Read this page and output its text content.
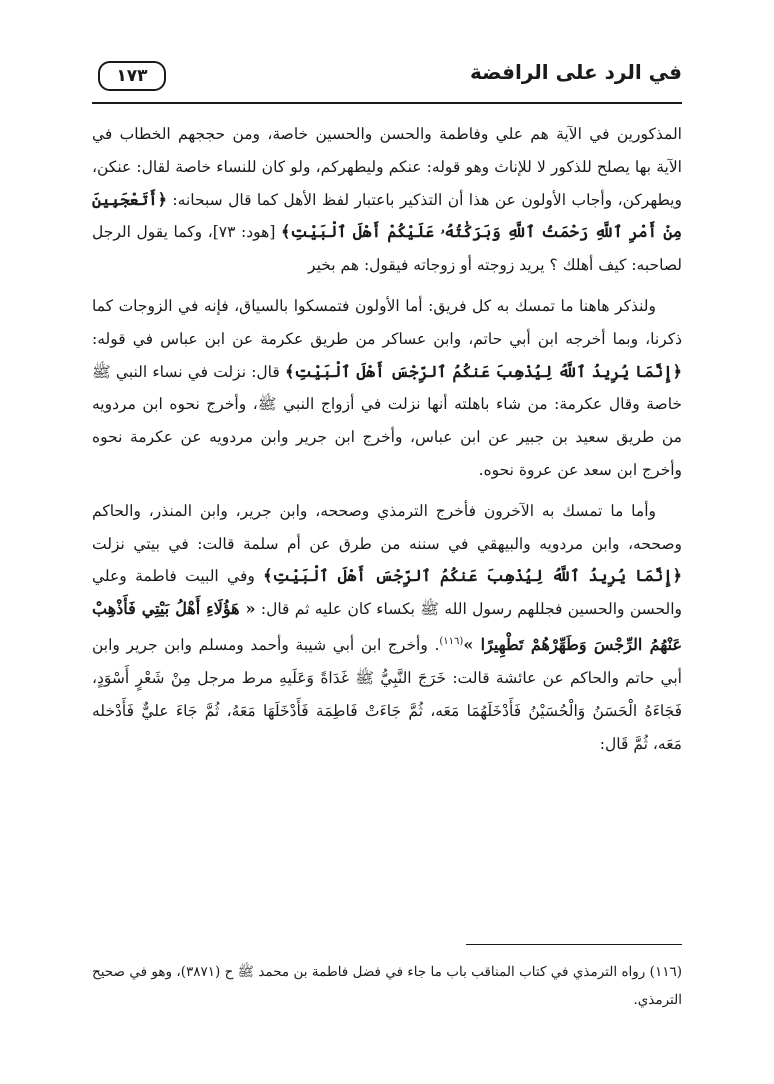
في الرد على الرافضة
١٧٣

المذكورين في الآية هم علي وفاطمة والحسن والحسين خاصة، ومن حججهم الخطاب في الآية بها يصلح للذكور لا للإناث وهو قوله: عنكم وليطهركم، ولو كان للنساء خاصة لقال: عنكن، ويطهركن، وأجاب الأولون عن هذا أن التذكير باعتبار لفظ الأهل كما قال سبحانه: ﴿أَتَعْجَبِينَ مِنْ أَمْرِ ٱللَّهِ رَحْمَتُ ٱللَّهِ وَبَرَكَٰتُهُۥ عَلَيْكُمْ أَهْلَ ٱلْبَيْتِ﴾ [هود: ٧٣]، وكما يقول الرجل لصاحبه: كيف أهلك ؟ يريد زوجته أو زوجاته فيقول: هم بخير

ولنذكر هاهنا ما تمسك به كل فريق: أما الأولون فتمسكوا بالسياق، فإنه في الزوجات كما ذكرنا، وبما أخرجه ابن أبي حاتم، وابن عساكر من طريق عكرمة عن ابن عباس في قوله: ﴿إِنَّمَا يُرِيدُ ٱللَّهُ لِيُذْهِبَ عَنكُمُ ٱلرِّجْسَ أَهْلَ ٱلْبَيْتِ﴾ قال: نزلت في نساء النبي ﷺ خاصة وقال عكرمة: من شاء باهلته أنها نزلت في أزواج النبي ﷺ، وأخرج نحوه ابن مردويه من طريق سعيد بن جبير عن ابن عباس، وأخرج ابن جرير وابن مردويه عن عكرمة نحوه وأخرج ابن سعد عن عروة نحوه.

وأما ما تمسك به الآخرون فأخرج الترمذي وصححه، وابن جرير، وابن المنذر، والحاكم وصححه، وابن مردويه والبيهقي في سننه من طرق عن أم سلمة قالت: في بيتي نزلت ﴿إِنَّمَا يُرِيدُ ٱللَّهُ لِيُذْهِبَ عَنكُمُ ٱلرِّجْسَ أَهْلَ ٱلْبَيْتِ﴾ وفي البيت فاطمة وعلي والحسن والحسين فجللهم رسول الله ﷺ بكساء كان عليه ثم قال: « هَؤُلَاءِ أَهْلُ بَيْتِي فَأَذْهِبْ عَنْهُمُ الرِّجْسَ وَطَهِّرْهُمْ تَطْهِيرًا »$^{(١١٦)}$. وأخرج ابن أبي شيبة وأحمد ومسلم وابن جرير وابن أبي حاتم والحاكم عن عائشة قالت: خَرَجَ النَّبِيُّ ﷺ غَدَاةً وَعَلَيهِ مرط مرجل مِنْ شَعْرٍ أَسْوَدٍ، فَجَاءَهُ الْحَسَنُ وَالْحُسَيْنُ فَأَدْخَلَهُمَا مَعَه، ثُمَّ جَاءَتْ فَاطِمَة فَأَدْخَلَهَا مَعَهُ، ثُمَّ جَاءَ عليٌّ فَأَدْخله مَعَه، ثُمَّ قَال:

(١١٦) رواه الترمذي في كتاب المناقب باب ما جاء في فضل فاطمة بن محمد ﷺ ح (٣٨٧١)، وهو في صحيح الترمذي.
